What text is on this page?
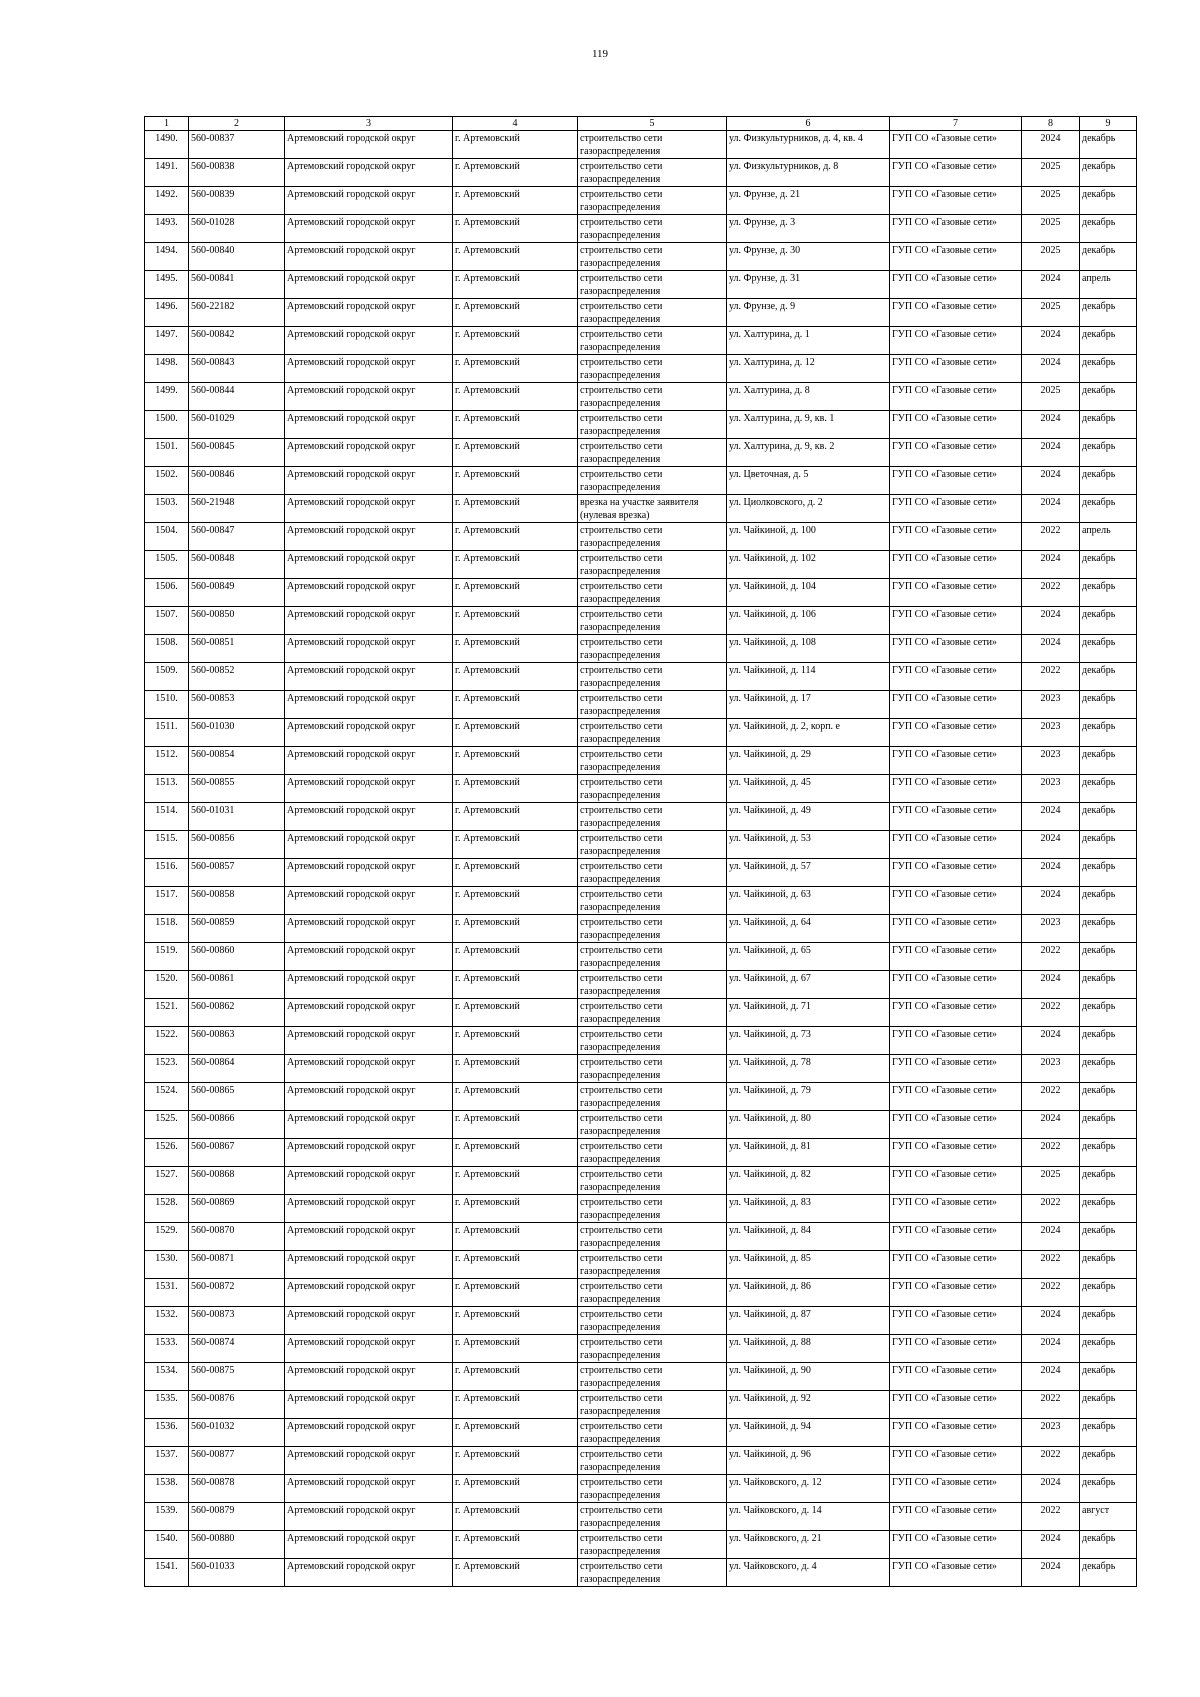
119
1	2	3	4	5	6	7	8	9
1490.	560-00837	Артемовский городской округ	г. Артемовский	строительство сети газораспределения	ул. Физкультурников, д. 4, кв. 4	ГУП СО «Газовые сети»	2024	декабрь
1491.	560-00838	Артемовский городской округ	г. Артемовский	строительство сети газораспределения	ул. Физкультурников, д. 8	ГУП СО «Газовые сети»	2025	декабрь
1492.	560-00839	Артемовский городской округ	г. Артемовский	строительство сети газораспределения	ул. Фрунзе, д. 21	ГУП СО «Газовые сети»	2025	декабрь
1493.	560-01028	Артемовский городской округ	г. Артемовский	строительство сети газораспределения	ул. Фрунзе, д. 3	ГУП СО «Газовые сети»	2025	декабрь
1494.	560-00840	Артемовский городской округ	г. Артемовский	строительство сети газораспределения	ул. Фрунзе, д. 30	ГУП СО «Газовые сети»	2025	декабрь
1495.	560-00841	Артемовский городской округ	г. Артемовский	строительство сети газораспределения	ул. Фрунзе, д. 31	ГУП СО «Газовые сети»	2024	апрель
1496.	560-22182	Артемовский городской округ	г. Артемовский	строительство сети газораспределения	ул. Фрунзе, д. 9	ГУП СО «Газовые сети»	2025	декабрь
1497.	560-00842	Артемовский городской округ	г. Артемовский	строительство сети газораспределения	ул. Халтурина, д. 1	ГУП СО «Газовые сети»	2024	декабрь
1498.	560-00843	Артемовский городской округ	г. Артемовский	строительство сети газораспределения	ул. Халтурина, д. 12	ГУП СО «Газовые сети»	2024	декабрь
1499.	560-00844	Артемовский городской округ	г. Артемовский	строительство сети газораспределения	ул. Халтурина, д. 8	ГУП СО «Газовые сети»	2025	декабрь
1500.	560-01029	Артемовский городской округ	г. Артемовский	строительство сети газораспределения	ул. Халтурина, д. 9, кв. 1	ГУП СО «Газовые сети»	2024	декабрь
1501.	560-00845	Артемовский городской округ	г. Артемовский	строительство сети газораспределения	ул. Халтурина, д. 9, кв. 2	ГУП СО «Газовые сети»	2024	декабрь
1502.	560-00846	Артемовский городской округ	г. Артемовский	строительство сети газораспределения	ул. Цветочная, д. 5	ГУП СО «Газовые сети»	2024	декабрь
1503.	560-21948	Артемовский городской округ	г. Артемовский	врезка на участке заявителя (нулевая врезка)	ул. Циолковского, д. 2	ГУП СО «Газовые сети»	2024	декабрь
1504.	560-00847	Артемовский городской округ	г. Артемовский	строительство сети газораспределения	ул. Чайкиной, д. 100	ГУП СО «Газовые сети»	2022	апрель
1505.	560-00848	Артемовский городской округ	г. Артемовский	строительство сети газораспределения	ул. Чайкиной, д. 102	ГУП СО «Газовые сети»	2024	декабрь
1506.	560-00849	Артемовский городской округ	г. Артемовский	строительство сети газораспределения	ул. Чайкиной, д. 104	ГУП СО «Газовые сети»	2022	декабрь
1507.	560-00850	Артемовский городской округ	г. Артемовский	строительство сети газораспределения	ул. Чайкиной, д. 106	ГУП СО «Газовые сети»	2024	декабрь
1508.	560-00851	Артемовский городской округ	г. Артемовский	строительство сети газораспределения	ул. Чайкиной, д. 108	ГУП СО «Газовые сети»	2024	декабрь
1509.	560-00852	Артемовский городской округ	г. Артемовский	строительство сети газораспределения	ул. Чайкиной, д. 114	ГУП СО «Газовые сети»	2022	декабрь
1510.	560-00853	Артемовский городской округ	г. Артемовский	строительство сети газораспределения	ул. Чайкиной, д. 17	ГУП СО «Газовые сети»	2023	декабрь
1511.	560-01030	Артемовский городской округ	г. Артемовский	строительство сети газораспределения	ул. Чайкиной, д. 2, корп. е	ГУП СО «Газовые сети»	2023	декабрь
1512.	560-00854	Артемовский городской округ	г. Артемовский	строительство сети газораспределения	ул. Чайкиной, д. 29	ГУП СО «Газовые сети»	2023	декабрь
1513.	560-00855	Артемовский городской округ	г. Артемовский	строительство сети газораспределения	ул. Чайкиной, д. 45	ГУП СО «Газовые сети»	2023	декабрь
1514.	560-01031	Артемовский городской округ	г. Артемовский	строительство сети газораспределения	ул. Чайкиной, д. 49	ГУП СО «Газовые сети»	2024	декабрь
1515.	560-00856	Артемовский городской округ	г. Артемовский	строительство сети газораспределения	ул. Чайкиной, д. 53	ГУП СО «Газовые сети»	2024	декабрь
1516.	560-00857	Артемовский городской округ	г. Артемовский	строительство сети газораспределения	ул. Чайкиной, д. 57	ГУП СО «Газовые сети»	2024	декабрь
1517.	560-00858	Артемовский городской округ	г. Артемовский	строительство сети газораспределения	ул. Чайкиной, д. 63	ГУП СО «Газовые сети»	2024	декабрь
1518.	560-00859	Артемовский городской округ	г. Артемовский	строительство сети газораспределения	ул. Чайкиной, д. 64	ГУП СО «Газовые сети»	2023	декабрь
1519.	560-00860	Артемовский городской округ	г. Артемовский	строительство сети газораспределения	ул. Чайкиной, д. 65	ГУП СО «Газовые сети»	2022	декабрь
1520.	560-00861	Артемовский городской округ	г. Артемовский	строительство сети газораспределения	ул. Чайкиной, д. 67	ГУП СО «Газовые сети»	2024	декабрь
1521.	560-00862	Артемовский городской округ	г. Артемовский	строительство сети газораспределения	ул. Чайкиной, д. 71	ГУП СО «Газовые сети»	2022	декабрь
1522.	560-00863	Артемовский городской округ	г. Артемовский	строительство сети газораспределения	ул. Чайкиной, д. 73	ГУП СО «Газовые сети»	2024	декабрь
1523.	560-00864	Артемовский городской округ	г. Артемовский	строительство сети газораспределения	ул. Чайкиной, д. 78	ГУП СО «Газовые сети»	2023	декабрь
1524.	560-00865	Артемовский городской округ	г. Артемовский	строительство сети газораспределения	ул. Чайкиной, д. 79	ГУП СО «Газовые сети»	2022	декабрь
1525.	560-00866	Артемовский городской округ	г. Артемовский	строительство сети газораспределения	ул. Чайкиной, д. 80	ГУП СО «Газовые сети»	2024	декабрь
1526.	560-00867	Артемовский городской округ	г. Артемовский	строительство сети газораспределения	ул. Чайкиной, д. 81	ГУП СО «Газовые сети»	2022	декабрь
1527.	560-00868	Артемовский городской округ	г. Артемовский	строительство сети газораспределения	ул. Чайкиной, д. 82	ГУП СО «Газовые сети»	2025	декабрь
1528.	560-00869	Артемовский городской округ	г. Артемовский	строительство сети газораспределения	ул. Чайкиной, д. 83	ГУП СО «Газовые сети»	2022	декабрь
1529.	560-00870	Артемовский городской округ	г. Артемовский	строительство сети газораспределения	ул. Чайкиной, д. 84	ГУП СО «Газовые сети»	2024	декабрь
1530.	560-00871	Артемовский городской округ	г. Артемовский	строительство сети газораспределения	ул. Чайкиной, д. 85	ГУП СО «Газовые сети»	2022	декабрь
1531.	560-00872	Артемовский городской округ	г. Артемовский	строительство сети газораспределения	ул. Чайкиной, д. 86	ГУП СО «Газовые сети»	2022	декабрь
1532.	560-00873	Артемовский городской округ	г. Артемовский	строительство сети газораспределения	ул. Чайкиной, д. 87	ГУП СО «Газовые сети»	2024	декабрь
1533.	560-00874	Артемовский городской округ	г. Артемовский	строительство сети газораспределения	ул. Чайкиной, д. 88	ГУП СО «Газовые сети»	2024	декабрь
1534.	560-00875	Артемовский городской округ	г. Артемовский	строительство сети газораспределения	ул. Чайкиной, д. 90	ГУП СО «Газовые сети»	2024	декабрь
1535.	560-00876	Артемовский городской округ	г. Артемовский	строительство сети газораспределения	ул. Чайкиной, д. 92	ГУП СО «Газовые сети»	2022	декабрь
1536.	560-01032	Артемовский городской округ	г. Артемовский	строительство сети газораспределения	ул. Чайкиной, д. 94	ГУП СО «Газовые сети»	2023	декабрь
1537.	560-00877	Артемовский городской округ	г. Артемовский	строительство сети газораспределения	ул. Чайкиной, д. 96	ГУП СО «Газовые сети»	2022	декабрь
1538.	560-00878	Артемовский городской округ	г. Артемовский	строительство сети газораспределения	ул. Чайковского, д. 12	ГУП СО «Газовые сети»	2024	декабрь
1539.	560-00879	Артемовский городской округ	г. Артемовский	строительство сети газораспределения	ул. Чайковского, д. 14	ГУП СО «Газовые сети»	2022	август
1540.	560-00880	Артемовский городской округ	г. Артемовский	строительство сети газораспределения	ул. Чайковского, д. 21	ГУП СО «Газовые сети»	2024	декабрь
1541.	560-01033	Артемовский городской округ	г. Артемовский	строительство сети газораспределения	ул. Чайковского, д. 4	ГУП СО «Газовые сети»	2024	декабрь
